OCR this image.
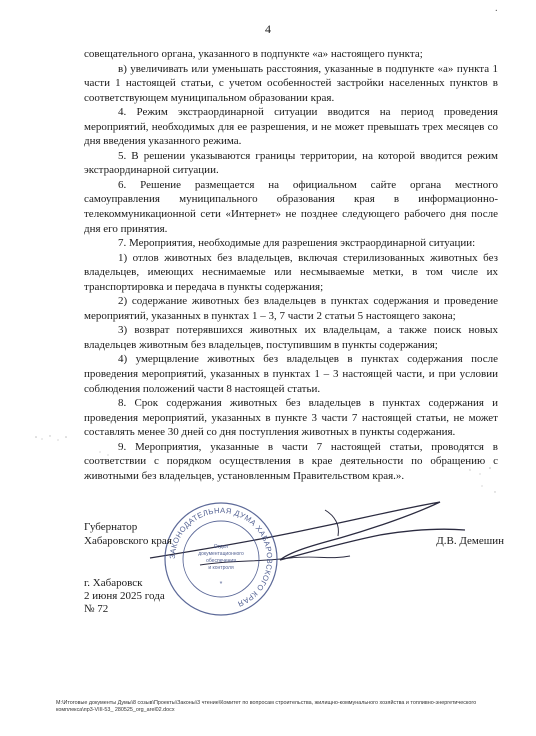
4
·

совещательного органа, указанного в подпункте «а» настоящего пункта;

в) увеличивать или уменьшать расстояния, указанные в подпункте «а» пункта 1 части 1 настоящей статьи, с учетом особенностей застройки населенных пунктов в соответствующем муниципальном образовании края.

4. Режим экстраординарной ситуации вводится на период проведения мероприятий, необходимых для ее разрешения, и не может превышать трех месяцев со дня введения указанного режима.

5. В решении указываются границы территории, на которой вводится режим экстраординарной ситуации.

6. Решение размещается на официальном сайте органа местного самоуправления муниципального образования края в информационно-телекоммуникационной сети «Интернет» не позднее следующего рабочего дня после дня его принятия.

7. Мероприятия, необходимые для разрешения экстраординарной ситуации:

1) отлов животных без владельцев, включая стерилизованных животных без владельцев, имеющих неснимаемые или несмываемые метки, в том числе их транспортировка и передача в пункты содержания;

2) содержание животных без владельцев в пунктах содержания и проведение мероприятий, указанных в пунктах 1 – 3, 7 части 2 статьи 5 настоящего закона;

3) возврат потерявшихся животных их владельцам, а также поиск новых владельцев животным без владельцев, поступившим в пункты содержания;

4) умерщвление животных без владельцев в пунктах содержания после проведения мероприятий, указанных в пунктах 1 – 3 настоящей части, и при условии соблюдения положений части 8 настоящей статьи.

8. Срок содержания животных без владельцев в пунктах содержания и проведения мероприятий, указанных в пункте 3 части 7 настоящей статьи, не может составлять менее 30 дней со дня поступления животных в пункты содержания.

9. Мероприятия, указанные в части 7 настоящей статьи, проводятся в соответствии с порядком осуществления в крае деятельности по обращению с животными без владельцев, установленным Правительством края.».

ЗАКОНОДАТЕЛЬНАЯ ДУМА ХАБАРОВСКОГО КРАЯ
Отдел
документационного
обеспечения
и контроля
*
Губернатор
Хабаровского края	Д.В. Демешин
г. Хабаровск
2 июня 2025 года
№ 72
М:\Итоговые документы Думы\8 созыв\Проекты\Законы\3 чтение\Комитет по вопросам строительства, жилищно-коммунального хозяйства и топливно-энергетического комплекса\пр3-VIII-53_ 280525_org_arel02.docx
